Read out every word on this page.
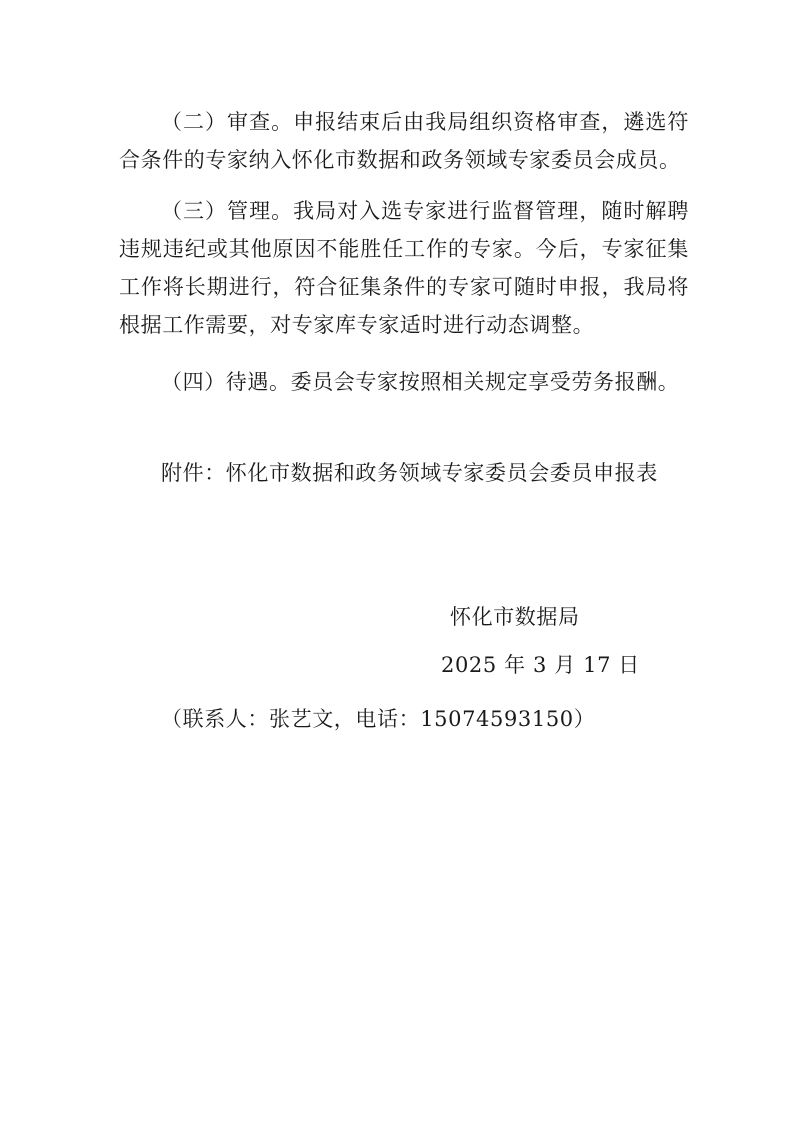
（二）审查。申报结束后由我局组织资格审查，遴选符合条件的专家纳入怀化市数据和政务领域专家委员会成员。

（三）管理。我局对入选专家进行监督管理，随时解聘违规违纪或其他原因不能胜任工作的专家。今后，专家征集工作将长期进行，符合征集条件的专家可随时申报，我局将根据工作需要，对专家库专家适时进行动态调整。

（四）待遇。委员会专家按照相关规定享受劳务报酬。

附件：怀化市数据和政务领域专家委员会委员申报表

怀化市数据局

2025 年 3 月 17 日

（联系人：张艺文，电话：15074593150）
